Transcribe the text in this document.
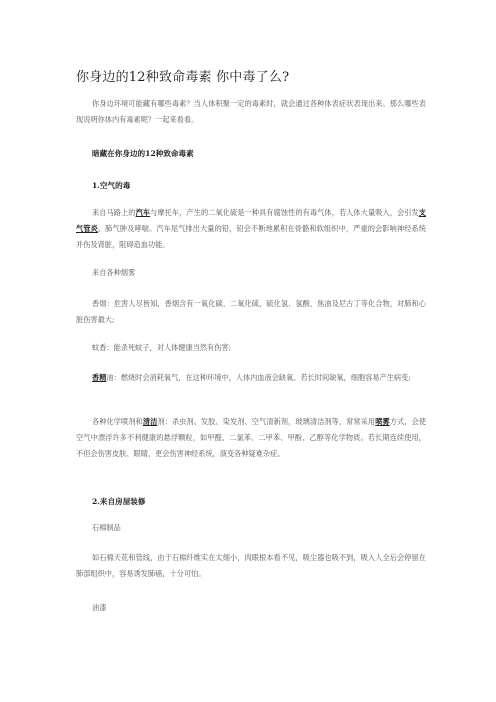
你身边的12种致命毒素 你中毒了么?
你身边环境可能藏有哪些毒素？当人体积聚一定的毒素时，就会通过各种体表症状表现出来。那么哪些表现说明你体内有毒素呢？一起来看看。
暗藏在你身边的12种致命毒素
1.空气的毒
来自马路上的汽车与摩托车，产生的二氧化硫是一种具有腐蚀性的有毒气体，若人体大量吸入，会引发支气管炎、肺气肿及哮喘。汽车尾气排出大量的铅，铅会不断地累积在骨骼和软组织中，严重的会影响神经系统并伤及肾脏，阻碍造血功能。
来自各种烟雾
香烟：危害人尽皆知，香烟含有一氧化碳、二氧化硫，硫化氢、氢酸、焦油及尼古丁等化合物，对肺和心脏伤害最大;
蚊香：能杀死蚊子，对人体健康当然有伤害;
香精油：燃烧时会消耗氧气，在这种环境中，人体内血液会缺氧。若长时间缺氧，细胞容易产生病变;
各种化学喷剂和清洁剂：杀虫剂、发胶、染发剂、空气清新剂，玻璃清洁剂等，常常采用喷雾方式，会使空气中漂浮许多不利健康的悬浮颗粒，如甲醛、二氯苯、二甲苯、甲酚、乙醇等化学物质。若长期连续使用，不但会伤害皮肤、眼睛，更会伤害神经系统，演变各种疑难杂症。
2.来自房屋装修
石棉制品
如石棉天花和管线，由于石棉纤维实在太细小，肉眼根本看不见，吸尘器也吸不到，吸入人全后会停留在肺部组织中，容易诱发肺癌，十分可怕。
油漆
